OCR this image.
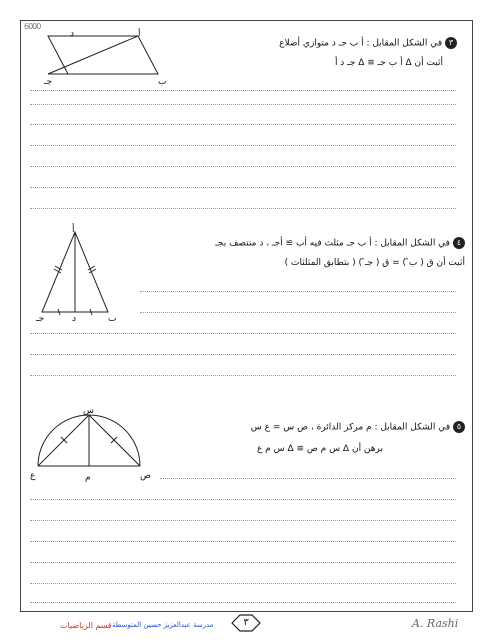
6000
جـ
د	أ
ب
٣في الشكل المقابل : أ ب جـ د متوازي أضلاع
أثبت أن Δ أ ب جـ ≅ Δ جـ د أ
أ
جـ	د	ب
٤في الشكل المقابل : أ ب جـ مثلث فيه أب ≅ أجـ ، د منتصف بجـ
أثبت أن ق ( ب̂ ) = ق ( جـ̂ ) ( بتطابق المثلثات )
س
ع	م	ص
٥في الشكل المقابل : م مركز الدائرة ، ص س = ع س
برهن أن Δ س م ص ≅ Δ س م ع
قسم الرياضيات مدرسة عبدالعزيز حسين المتوسطة	٣	A. Rashi
